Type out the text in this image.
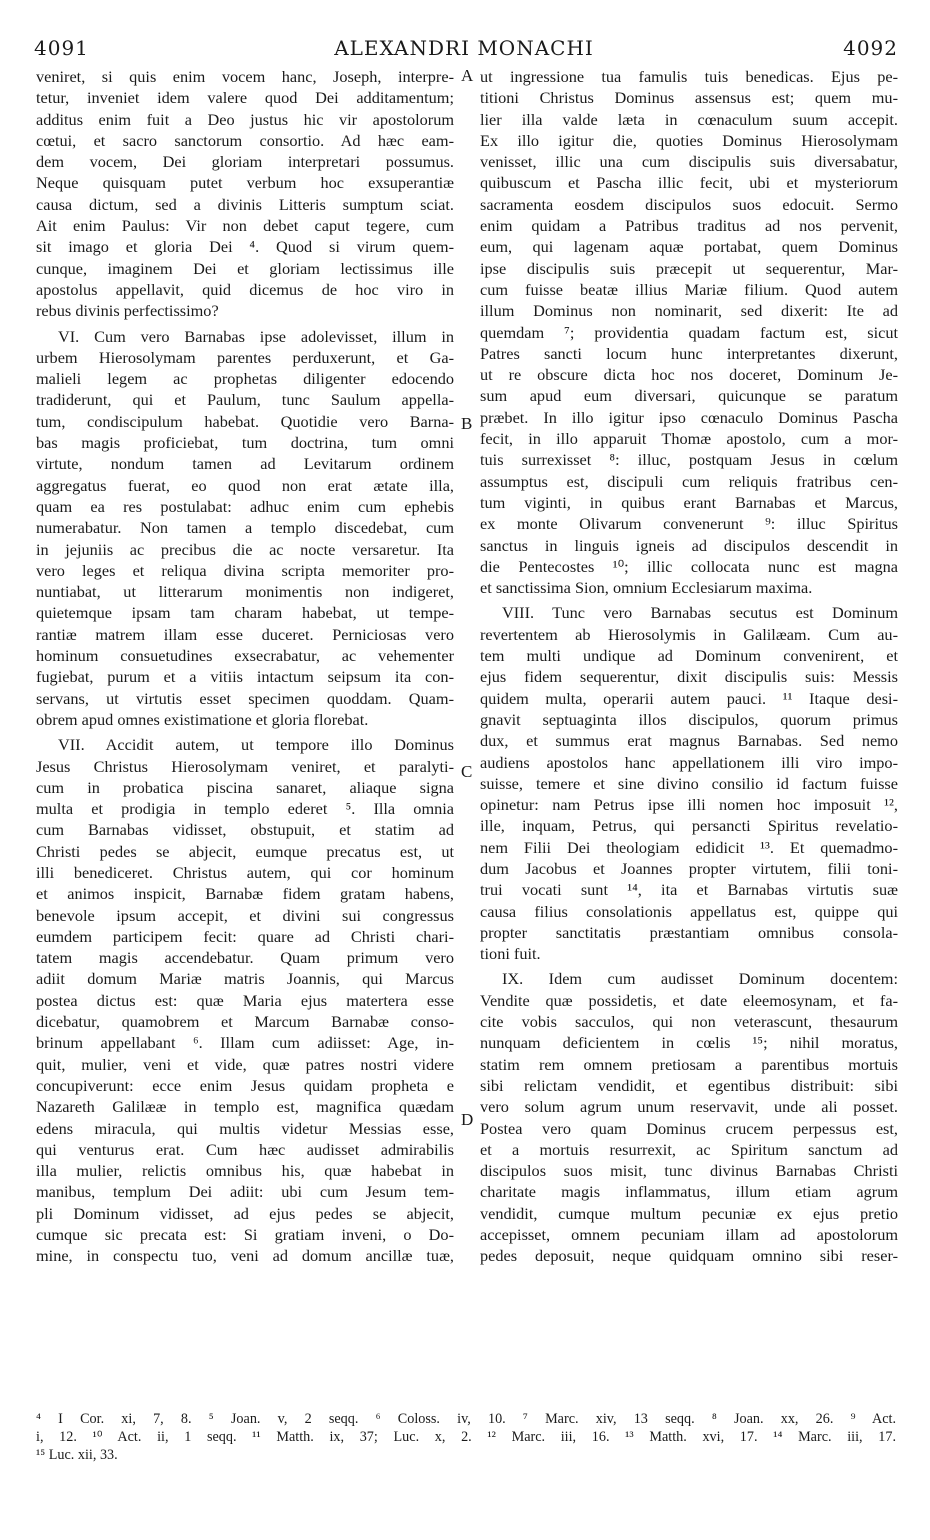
4091	ALEXANDRI MONACHI	4092
veniret, si quis enim vocem hanc, Joseph, interpre-
tetur, inveniet idem valere quod Dei additamentum;
additus enim fuit a Deo justus hic vir apostolorum
cœtui, et sacro sanctorum consortio. Ad hæc eam-
dem vocem, Dei gloriam interpretari possumus.
Neque quisquam putet verbum hoc exsuperantiæ
causa dictum, sed a divinis Litteris sumptum sciat.
Ait enim Paulus: Vir non debet caput tegere, cum
sit imago et gloria Dei ⁴. Quod si virum quem-
cunque, imaginem Dei et gloriam lectissimus ille
apostolus appellavit, quid dicemus de hoc viro in
rebus divinis perfectissimo?
VI. Cum vero Barnabas ipse adolevisset, illum in
urbem Hierosolymam parentes perduxerunt, et Ga-
malieli legem ac prophetas diligenter edocendo
tradiderunt, qui et Paulum, tunc Saulum appella-
tum, condiscipulum habebat. Quotidie vero Barna-
bas magis proficiebat, tum doctrina, tum omni
virtute, nondum tamen ad Levitarum ordinem
aggregatus fuerat, eo quod non erat ætate illa,
quam ea res postulabat: adhuc enim cum ephebis
numerabatur. Non tamen a templo discedebat, cum
in jejuniis ac precibus die ac nocte versaretur. Ita
vero leges et reliqua divina scripta memoriter pro-
nuntiabat, ut litterarum monimentis non indigeret,
quietemque ipsam tam charam habebat, ut tempe-
rantiæ matrem illam esse duceret. Perniciosas vero
hominum consuetudines exsecrabatur, ac vehementer
fugiebat, purum et a vitiis intactum seipsum ita con-
servans, ut virtutis esset specimen quoddam. Quam-
obrem apud omnes existimatione et gloria florebat.
VII. Accidit autem, ut tempore illo Dominus
Jesus Christus Hierosolymam veniret, et paralyti-
cum in probatica piscina sanaret, aliaque signa
multa et prodigia in templo ederet ⁵. Illa omnia
cum Barnabas vidisset, obstupuit, et statim ad
Christi pedes se abjecit, eumque precatus est, ut
illi benediceret. Christus autem, qui cor hominum
et animos inspicit, Barnabæ fidem gratam habens,
benevole ipsum accepit, et divini sui congressus
eumdem participem fecit: quare ad Christi chari-
tatem magis accendebatur. Quam primum vero
adiit domum Mariæ matris Joannis, qui Marcus
postea dictus est: quæ Maria ejus matertera esse
dicebatur, quamobrem et Marcum Barnabæ conso-
brinum appellabant ⁶. Illam cum adiisset: Age, in-
quit, mulier, veni et vide, quæ patres nostri videre
concupiverunt: ecce enim Jesus quidam propheta e
Nazareth Galilææ in templo est, magnifica quædam
edens miracula, qui multis videtur Messias esse,
qui venturus erat. Cum hæc audisset admirabilis
illa mulier, relictis omnibus his, quæ habebat in
manibus, templum Dei adiit: ubi cum Jesum tem-
pli Dominum vidisset, ad ejus pedes se abjecit,
cumque sic precata est: Si gratiam inveni, o Do-
mine, in conspectu tuo, veni ad domum ancillæ tuæ,
ut ingressione tua famulis tuis benedicas. Ejus pe-
titioni Christus Dominus assensus est; quem mu-
lier illa valde læta in cœnaculum suum accepit.
Ex illo igitur die, quoties Dominus Hierosolymam
venisset, illic una cum discipulis suis diversabatur,
quibuscum et Pascha illic fecit, ubi et mysteriorum
sacramenta eosdem discipulos suos edocuit. Sermo
enim quidam a Patribus traditus ad nos pervenit,
eum, qui lagenam aquæ portabat, quem Dominus
ipse discipulis suis præcepit ut sequerentur, Mar-
cum fuisse beatæ illius Mariæ filium. Quod autem
illum Dominus non nominarit, sed dixerit: Ite ad
quemdam ⁷; providentia quadam factum est, sicut
Patres sancti locum hunc interpretantes dixerunt,
ut re obscure dicta hoc nos doceret, Dominum Je-
sum apud eum diversari, quicunque se paratum
præbet. In illo igitur ipso cœnaculo Dominus Pascha
fecit, in illo apparuit Thomæ apostolo, cum a mor-
tuis surrexisset ⁸: illuc, postquam Jesus in cœlum
assumptus est, discipuli cum reliquis fratribus cen-
tum viginti, in quibus erant Barnabas et Marcus,
ex monte Olivarum convenerunt ⁹: illuc Spiritus
sanctus in linguis igneis ad discipulos descendit in
die Pentecostes ¹⁰; illic collocata nunc est magna
et sanctissima Sion, omnium Ecclesiarum maxima.
VIII. Tunc vero Barnabas secutus est Dominum
revertentem ab Hierosolymis in Galilæam. Cum au-
tem multi undique ad Dominum convenirent, et
ejus fidem sequerentur, dixit discipulis suis: Messis
quidem multa, operarii autem pauci. ¹¹ Itaque desi-
gnavit septuaginta illos discipulos, quorum primus
dux, et summus erat magnus Barnabas. Sed nemo
audiens apostolos hanc appellationem illi viro impo-
suisse, temere et sine divino consilio id factum fuisse
opinetur: nam Petrus ipse illi nomen hoc imposuit ¹²,
ille, inquam, Petrus, qui persancti Spiritus revelatio-
nem Filii Dei theologiam edidicit ¹³. Et quemadmo-
dum Jacobus et Joannes propter virtutem, filii toni-
trui vocati sunt ¹⁴, ita et Barnabas virtutis suæ
causa filius consolationis appellatus est, quippe qui
propter sanctitatis præstantiam omnibus consola-
tioni fuit.
IX. Idem cum audisset Dominum docentem:
Vendite quæ possidetis, et date eleemosynam, et fa-
cite vobis sacculos, qui non veterascunt, thesaurum
nunquam deficientem in cœlis ¹⁵; nihil moratus,
statim rem omnem pretiosam a parentibus mortuis
sibi relictam vendidit, et egentibus distribuit: sibi
vero solum agrum unum reservavit, unde ali posset.
Postea vero quam Dominus crucem perpessus est,
et a mortuis resurrexit, ac Spiritum sanctum ad
discipulos suos misit, tunc divinus Barnabas Christi
charitate magis inflammatus, illum etiam agrum
vendidit, cumque multum pecuniæ ex ejus pretio
accepisset, omnem pecuniam illam ad apostolorum
pedes deposuit, neque quidquam omnino sibi reser-
A
B
C
D
⁴ I Cor. xi, 7, 8. ⁵ Joan. v, 2 seqq. ⁶ Coloss. iv, 10. ⁷ Marc. xiv, 13 seqq. ⁸ Joan. xx, 26. ⁹ Act.
i, 12. ¹⁰ Act. ii, 1 seqq. ¹¹ Matth. ix, 37; Luc. x, 2. ¹² Marc. iii, 16. ¹³ Matth. xvi, 17. ¹⁴ Marc. iii, 17.
¹⁵ Luc. xii, 33.
